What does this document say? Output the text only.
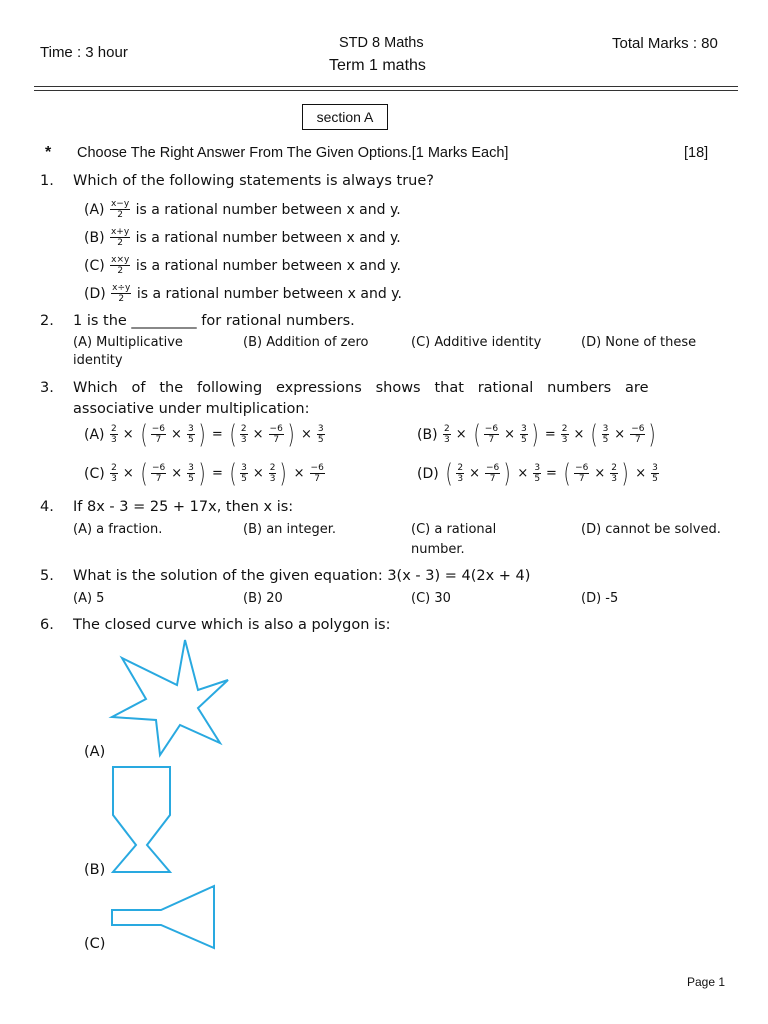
Time : 3 hour
STD 8 Maths
Term 1 maths
Total Marks : 80
section A
* Choose The Right Answer From The Given Options.[1 Marks Each]	[18]
1. Which of the following statements is always true?
(A)
x−y
2
is a rational number between x and y.
(B)
x+y
2
is a rational number between x and y.
(C)
x×y
2
is a rational number between x and y.
(D)
x÷y
2
is a rational number between x and y.
2. 1 is the _________ for rational numbers.
(A) Multiplicative
identity
(B) Addition of zero	(C) Additive identity	(D) None of these
3. Which   of   the   following   expressions   shows   that   rational   numbers   are
associative under multiplication:
(A)
$\frac{2}{3}$ × ( $\frac{-6}{7} \times \frac{3}{5}$ ) = ( $\frac{2}{3} \times \frac{-6}{7}$ ) × $\frac{3}{5}$	(B)
$\frac{2}{3}$ × ( $\frac{-6}{7} \times \frac{3}{5}$ ) = $\frac{2}{3}$ × ( $\frac{3}{5} \times \frac{-6}{7}$ )
(C)
$\frac{2}{3}$ × ( $\frac{-6}{7} \times \frac{3}{5}$ ) = ( $\frac{3}{5} \times \frac{2}{3}$ ) × $\frac{-6}{7}$	(D)
( $\frac{2}{3} \times \frac{-6}{7}$ ) × $\frac{3}{5}$ = ( $\frac{-6}{7} \times \frac{2}{3}$ ) × $\frac{3}{5}$
4. If 8x - 3 = 25 + 17x, then x is:
(A) a fraction.	(B) an integer.	(C) a rational
number.
(D) cannot be solved.
5. What is the solution of the given equation: 3(x - 3) = 4(2x + 4)
(A) 5	(B) 20	(C) 30	(D) -5
6. The closed curve which is also a polygon is:
(A)
(B)
(C)
Page 1
